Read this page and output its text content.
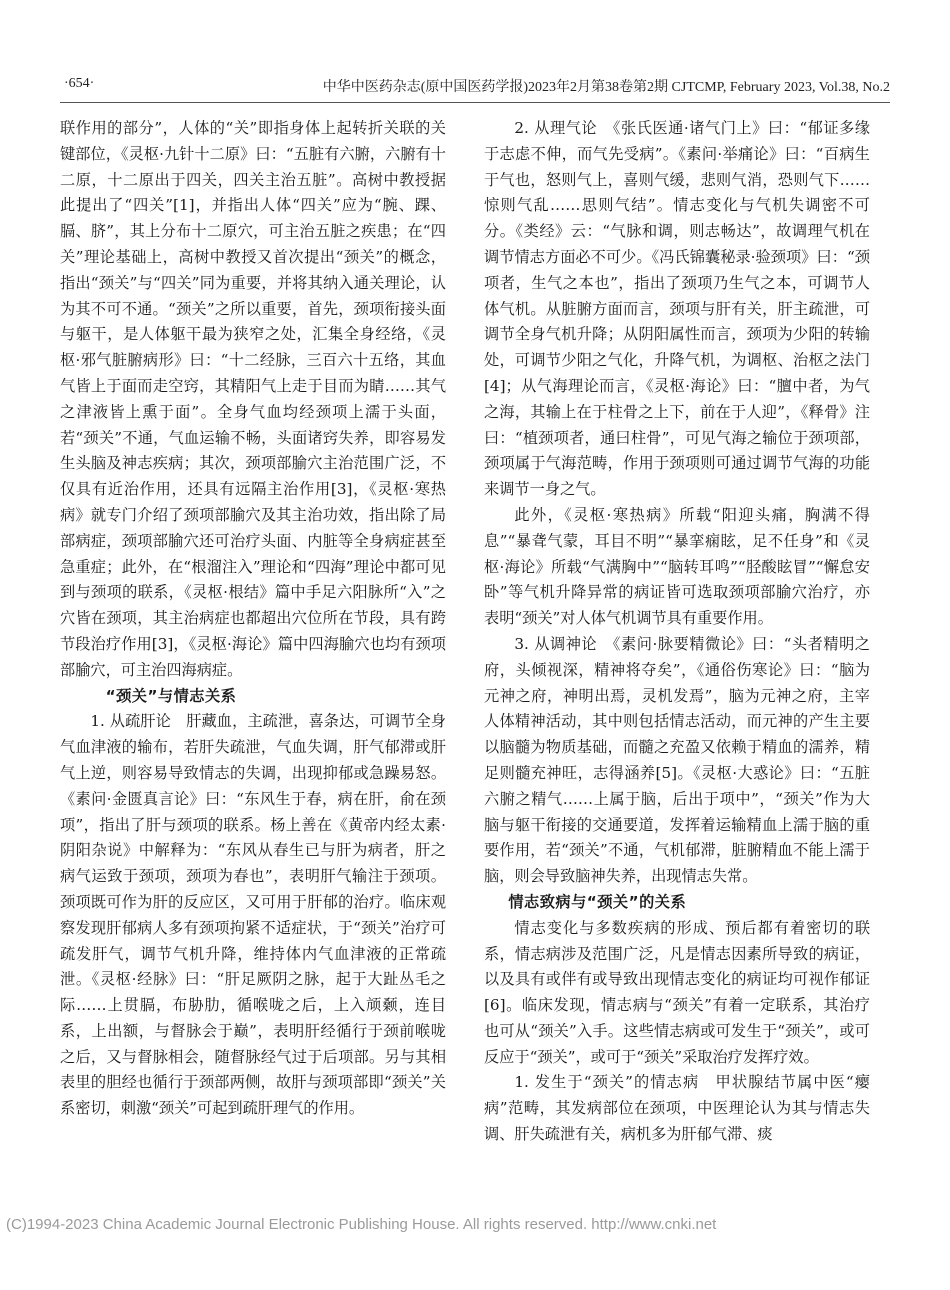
·654·	中华中医药杂志(原中国医药学报)2023年2月第38卷第2期 CJTCMP, February 2023, Vol.38, No.2

联作用的部分”，人体的“关”即指身体上起转折关联的关键部位，《灵枢·九针十二原》曰：“五脏有六腑，六腑有十二原，十二原出于四关，四关主治五脏”。高树中教授据此提出了“四关”[1]，并指出人体“四关”应为“腕、踝、膈、脐”，其上分布十二原穴，可主治五脏之疾患；在“四关”理论基础上，高树中教授又首次提出“颈关”的概念，指出“颈关”与“四关”同为重要，并将其纳入通关理论，认为其不可不通。“颈关”之所以重要，首先，颈项衔接头面与躯干，是人体躯干最为狭窄之处，汇集全身经络，《灵枢·邪气脏腑病形》曰：“十二经脉，三百六十五络，其血气皆上于面而走空窍，其精阳气上走于目而为睛……其气之津液皆上熏于面”。全身气血均经颈项上濡于头面，若“颈关”不通，气血运输不畅，头面诸窍失养，即容易发生头脑及神志疾病；其次，颈项部腧穴主治范围广泛，不仅具有近治作用，还具有远隔主治作用[3]，《灵枢·寒热病》就专门介绍了颈项部腧穴及其主治功效，指出除了局部病症，颈项部腧穴还可治疗头面、内脏等全身病症甚至急重症；此外，在“根溜注入”理论和“四海”理论中都可见到与颈项的联系，《灵枢·根结》篇中手足六阳脉所“入”之穴皆在颈项，其主治病症也都超出穴位所在节段，具有跨节段治疗作用[3]，《灵枢·海论》篇中四海腧穴也均有颈项部腧穴，可主治四海病症。

“颈关”与情志关系

1. 从疏肝论　肝藏血，主疏泄，喜条达，可调节全身气血津液的输布，若肝失疏泄，气血失调，肝气郁滞或肝气上逆，则容易导致情志的失调，出现抑郁或急躁易怒。《素问·金匮真言论》曰：“东风生于春，病在肝，俞在颈项”，指出了肝与颈项的联系。杨上善在《黄帝内经太素·阴阳杂说》中解释为：“东风从春生已与肝为病者，肝之病气运致于颈项，颈项为春也”，表明肝气输注于颈项。颈项既可作为肝的反应区，又可用于肝郁的治疗。临床观察发现肝郁病人多有颈项拘紧不适症状，于“颈关”治疗可疏发肝气，调节气机升降，维持体内气血津液的正常疏泄。《灵枢·经脉》曰：“肝足厥阴之脉，起于大趾丛毛之际……上贯膈，布胁肋，循喉咙之后，上入颃颡，连目系，上出额，与督脉会于巅”，表明肝经循行于颈前喉咙之后，又与督脉相会，随督脉经气过于后项部。另与其相表里的胆经也循行于颈部两侧，故肝与颈项部即“颈关”关系密切，刺激“颈关”可起到疏肝理气的作用。

2. 从理气论　《张氏医通·诸气门上》曰：“郁证多缘于志虑不伸，而气先受病”。《素问·举痛论》曰：“百病生于气也，怒则气上，喜则气缓，悲则气消，恐则气下……惊则气乱……思则气结”。情志变化与气机失调密不可分。《类经》云：“气脉和调，则志畅达”，故调理气机在调节情志方面必不可少。《冯氏锦囊秘录·验颈项》曰：“颈项者，生气之本也”，指出了颈项乃生气之本，可调节人体气机。从脏腑方面而言，颈项与肝有关，肝主疏泄，可调节全身气机升降；从阴阳属性而言，颈项为少阳的转输处，可调节少阳之气化，升降气机，为调枢、治枢之法门[4]；从气海理论而言，《灵枢·海论》曰：“膻中者，为气之海，其输上在于柱骨之上下，前在于人迎”，《释骨》注曰：“植颈项者，通曰柱骨”，可见气海之输位于颈项部，颈项属于气海范畴，作用于颈项则可通过调节气海的功能来调节一身之气。

此外，《灵枢·寒热病》所载“阳迎头痛，胸满不得息”“暴聋气蒙，耳目不明”“暴挛痫眩，足不任身”和《灵枢·海论》所载“气满胸中”“脑转耳鸣”“胫酸眩冒”“懈怠安卧”等气机升降异常的病证皆可选取颈项部腧穴治疗，亦表明“颈关”对人体气机调节具有重要作用。

3. 从调神论　《素问·脉要精微论》曰：“头者精明之府，头倾视深，精神将夺矣”，《通俗伤寒论》曰：“脑为元神之府，神明出焉，灵机发焉”，脑为元神之府，主宰人体精神活动，其中则包括情志活动，而元神的产生主要以脑髓为物质基础，而髓之充盈又依赖于精血的濡养，精足则髓充神旺，志得涵养[5]。《灵枢·大惑论》曰：“五脏六腑之精气……上属于脑，后出于项中”，“颈关”作为大脑与躯干衔接的交通要道，发挥着运输精血上濡于脑的重要作用，若“颈关”不通，气机郁滞，脏腑精血不能上濡于脑，则会导致脑神失养，出现情志失常。

情志致病与“颈关”的关系

情志变化与多数疾病的形成、预后都有着密切的联系，情志病涉及范围广泛，凡是情志因素所导致的病证，以及具有或伴有或导致出现情志变化的病证均可视作郁证[6]。临床发现，情志病与“颈关”有着一定联系，其治疗也可从“颈关”入手。这些情志病或可发生于“颈关”，或可反应于“颈关”，或可于“颈关”采取治疗发挥疗效。

1. 发生于“颈关”的情志病　甲状腺结节属中医“瘿病”范畴，其发病部位在颈项，中医理论认为其与情志失调、肝失疏泄有关，病机多为肝郁气滞、痰

(C)1994-2023 China Academic Journal Electronic Publishing House. All rights reserved. http://www.cnki.net
